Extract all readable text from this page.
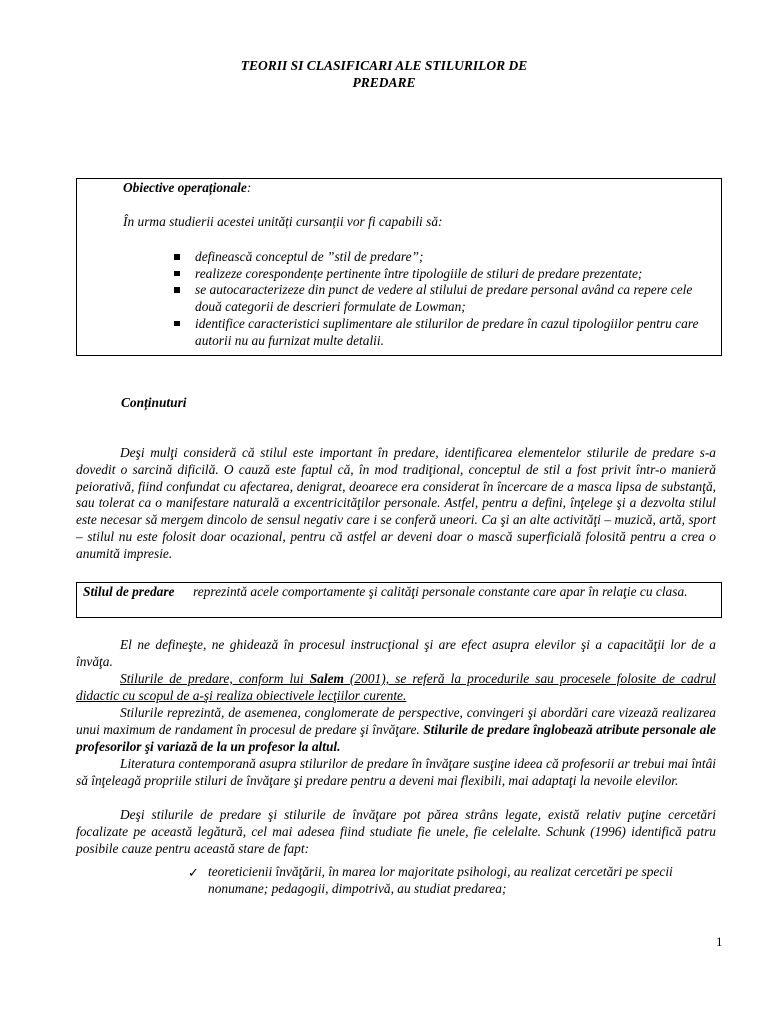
TEORII SI CLASIFICARI ALE STILURILOR DE
PREDARE
Obiective operaționale:
În urma studierii acestei unități cursanții vor fi capabili să:
definească conceptul de ”stil de predare”;
realizeze corespondențe pertinente între tipologiile de stiluri de predare prezentate;
se autocaracterizeze din punct de vedere al stilului de predare personal având ca repere cele două categorii de descrieri formulate de Lowman;
identifice caracteristici suplimentare ale stilurilor de predare în cazul tipologiilor pentru care autorii nu au furnizat multe detalii.
Conținuturi
Deşi mulţi consideră că stilul este important în predare, identificarea elementelor stilurile de predare s-a dovedit o sarcină dificilă. O cauză este faptul că, în mod tradiţional, conceptul de stil a fost privit într-o manieră peiorativă, fiind confundat cu afectarea, denigrat, deoarece era considerat în încercare de a masca lipsa de substanţă, sau tolerat ca o manifestare naturală a excentricităţilor personale. Astfel, pentru a defini, înţelege şi a dezvolta stilul este necesar să mergem dincolo de sensul negativ care i se conferă uneori. Ca şi an alte activităţi – muzică, artă, sport – stilul nu este folosit doar ocazional, pentru că astfel ar deveni doar o mască superficială folosită pentru a crea o anumită impresie.
Stilul de predare reprezintă acele comportamente şi calităţi personale constante care apar în relaţie cu clasa.
El ne defineşte, ne ghidează în procesul instrucţional şi are efect asupra elevilor şi a capacităţii lor de a învăţa.
Stilurile de predare, conform lui Salem (2001), se referă la procedurile sau procesele folosite de cadrul didactic cu scopul de a-şi realiza obiectivele lecţiilor curente.
Stilurile reprezintă, de asemenea, conglomerate de perspective, convingeri şi abordări care vizează realizarea unui maximum de randament în procesul de predare şi învăţare. Stilurile de predare înglobează atribute personale ale profesorilor şi variază de la un profesor la altul.
Literatura contemporană asupra stilurilor de predare în învăţare susţine ideea că profesorii ar trebui mai întâi să înţeleagă propriile stiluri de învăţare şi predare pentru a deveni mai flexibili, mai adaptaţi la nevoile elevilor.
Deşi stilurile de predare şi stilurile de învăţare pot părea strâns legate, există relativ puţine cercetări focalizate pe această legătură, cel mai adesea fiind studiate fie unele, fie celelalte. Schunk (1996) identifică patru posibile cauze pentru această stare de fapt:
✓ teoreticienii învăţării, în marea lor majoritate psihologi, au realizat cercetări pe specii nonumane; pedagogii, dimpotrivă, au studiat predarea;
1
